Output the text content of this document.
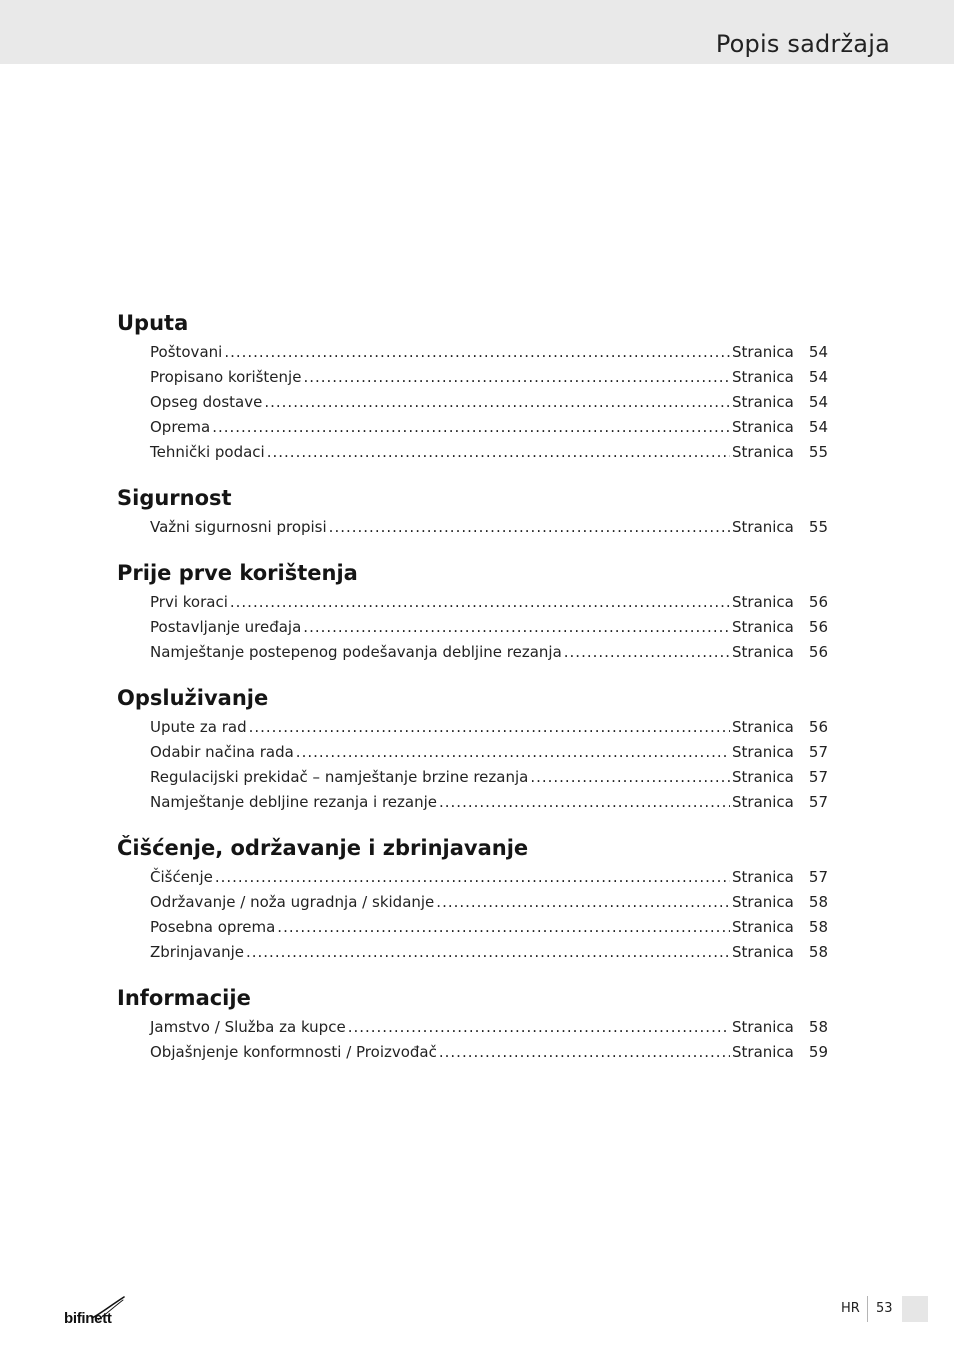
Popis sadržaja
Uputa
Poštovani .....	Stranica 54
Propisano korištenje .....	Stranica 54
Opseg dostave .....	Stranica 54
Oprema .....	Stranica 54
Tehnički podaci .....	Stranica 55
Sigurnost
Važni sigurnosni propisi .....	Stranica 55
Prije prve korištenja
Prvi koraci .....	Stranica 56
Postavljanje uređaja .....	Stranica 56
Namještanje postepenog podešavanja debljine rezanja .....	Stranica 56
Opsluživanje
Upute za rad .....	Stranica 56
Odabir načina rada .....	Stranica 57
Regulacijski prekidač – namještanje brzine rezanja .....	Stranica 57
Namještanje debljine rezanja i rezanje .....	Stranica 57
Čišćenje, održavanje i zbrinjavanje
Čišćenje .....	Stranica 57
Održavanje / noža ugradnja / skidanje .....	Stranica 58
Posebna oprema .....	Stranica 58
Zbrinjavanje .....	Stranica 58
Informacije
Jamstvo / Služba za kupce .....	Stranica 58
Objašnjenje konformnosti / Proizvođač .....	Stranica 59
bifinett
HR 53
